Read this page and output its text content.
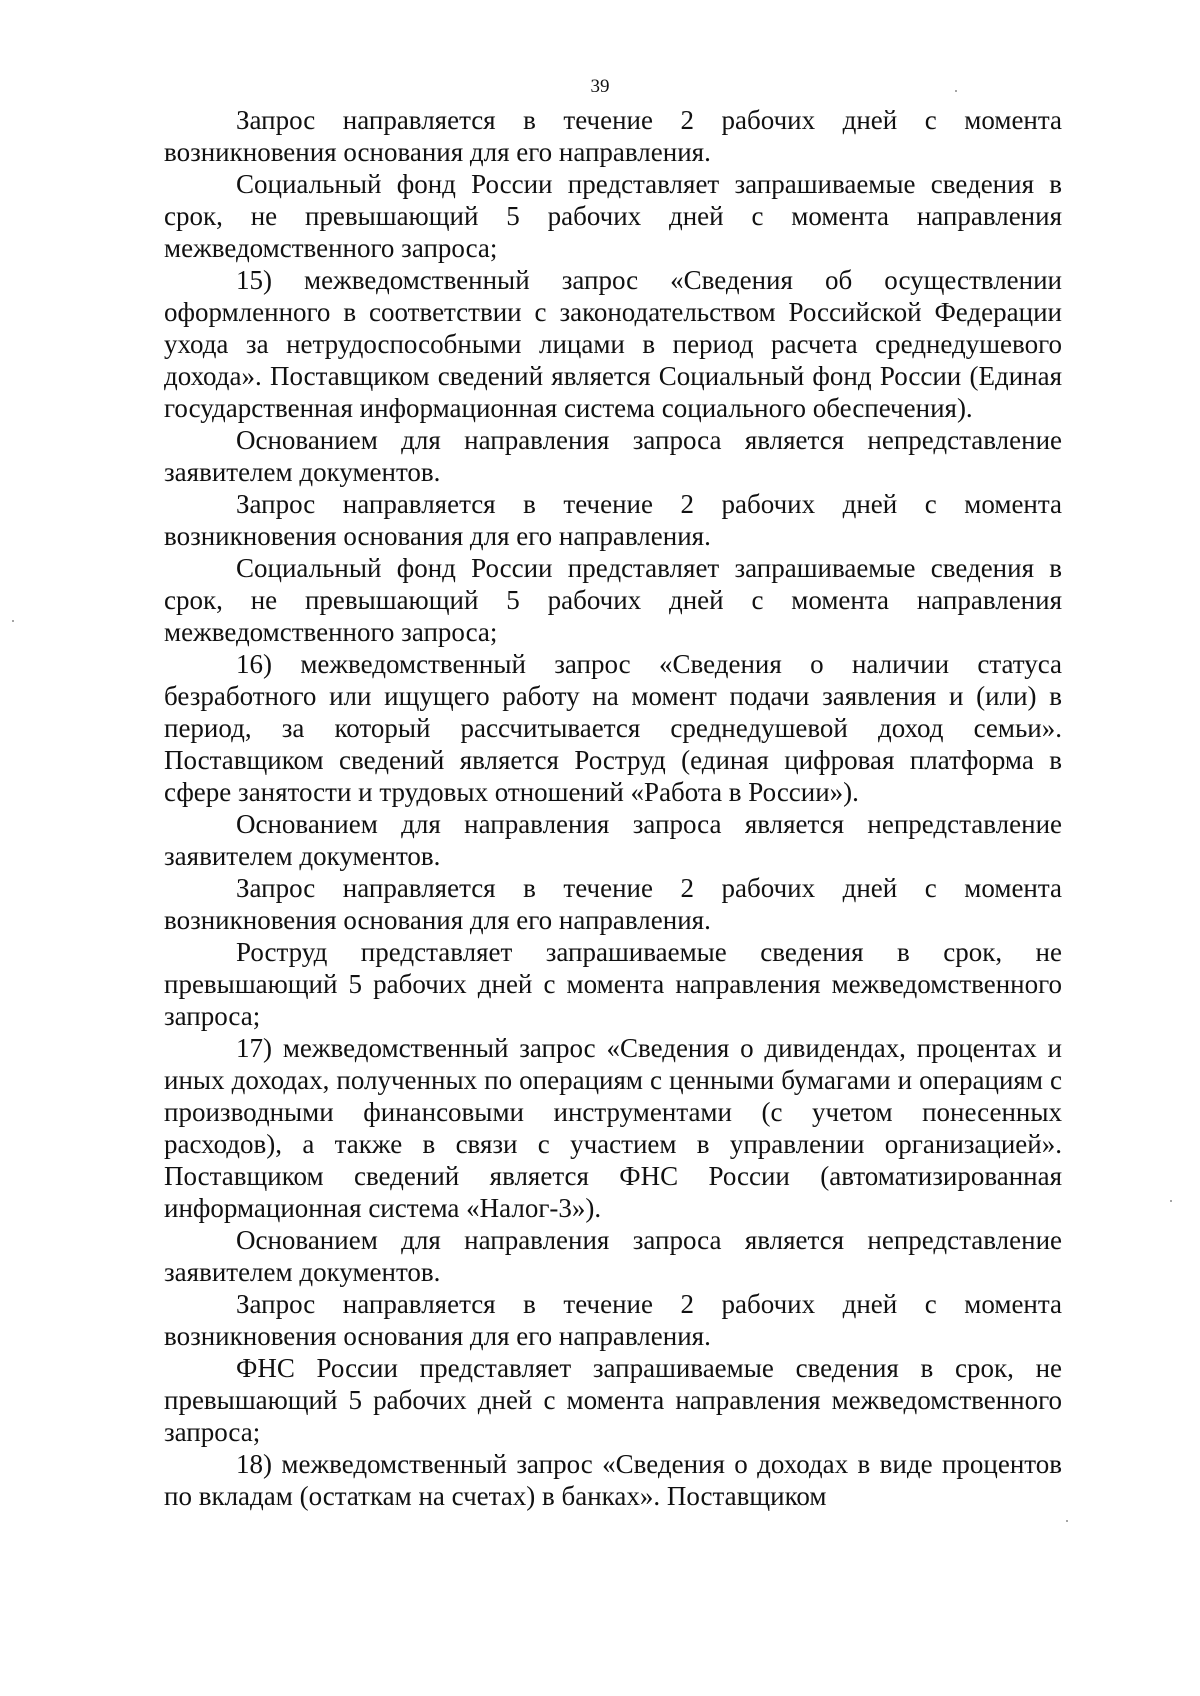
39

Запрос направляется в течение 2 рабочих дней с момента возникновения основания для его направления.

Социальный фонд России представляет запрашиваемые сведения в срок, не превышающий 5 рабочих дней с момента направления межведомственного запроса;

15) межведомственный запрос «Сведения об осуществлении оформленного в соответствии с законодательством Российской Федерации ухода за нетрудоспособными лицами в период расчета среднедушевого дохода». Поставщиком сведений является Социальный фонд России (Единая государственная информационная система социального обеспечения).

Основанием для направления запроса является непредставление заявителем документов.

Запрос направляется в течение 2 рабочих дней с момента возникновения основания для его направления.

Социальный фонд России представляет запрашиваемые сведения в срок, не превышающий 5 рабочих дней с момента направления межведомственного запроса;

16) межведомственный запрос «Сведения о наличии статуса безработного или ищущего работу на момент подачи заявления и (или) в период, за который рассчитывается среднедушевой доход семьи». Поставщиком сведений является Роструд (единая цифровая платформа в сфере занятости и трудовых отношений «Работа в России»).

Основанием для направления запроса является непредставление заявителем документов.

Запрос направляется в течение 2 рабочих дней с момента возникновения основания для его направления.

Роструд представляет запрашиваемые сведения в срок, не превышающий 5 рабочих дней с момента направления межведомственного запроса;

17) межведомственный запрос «Сведения о дивидендах, процентах и иных доходах, полученных по операциям с ценными бумагами и операциям с производными финансовыми инструментами (с учетом понесенных расходов), а также в связи с участием в управлении организацией». Поставщиком сведений является ФНС России (автоматизированная информационная система «Налог-3»).

Основанием для направления запроса является непредставление заявителем документов.

Запрос направляется в течение 2 рабочих дней с момента возникновения основания для его направления.

ФНС России представляет запрашиваемые сведения в срок, не превышающий 5 рабочих дней с момента направления межведомственного запроса;

18) межведомственный запрос «Сведения о доходах в виде процентов по вкладам (остаткам на счетах) в банках». Поставщиком
